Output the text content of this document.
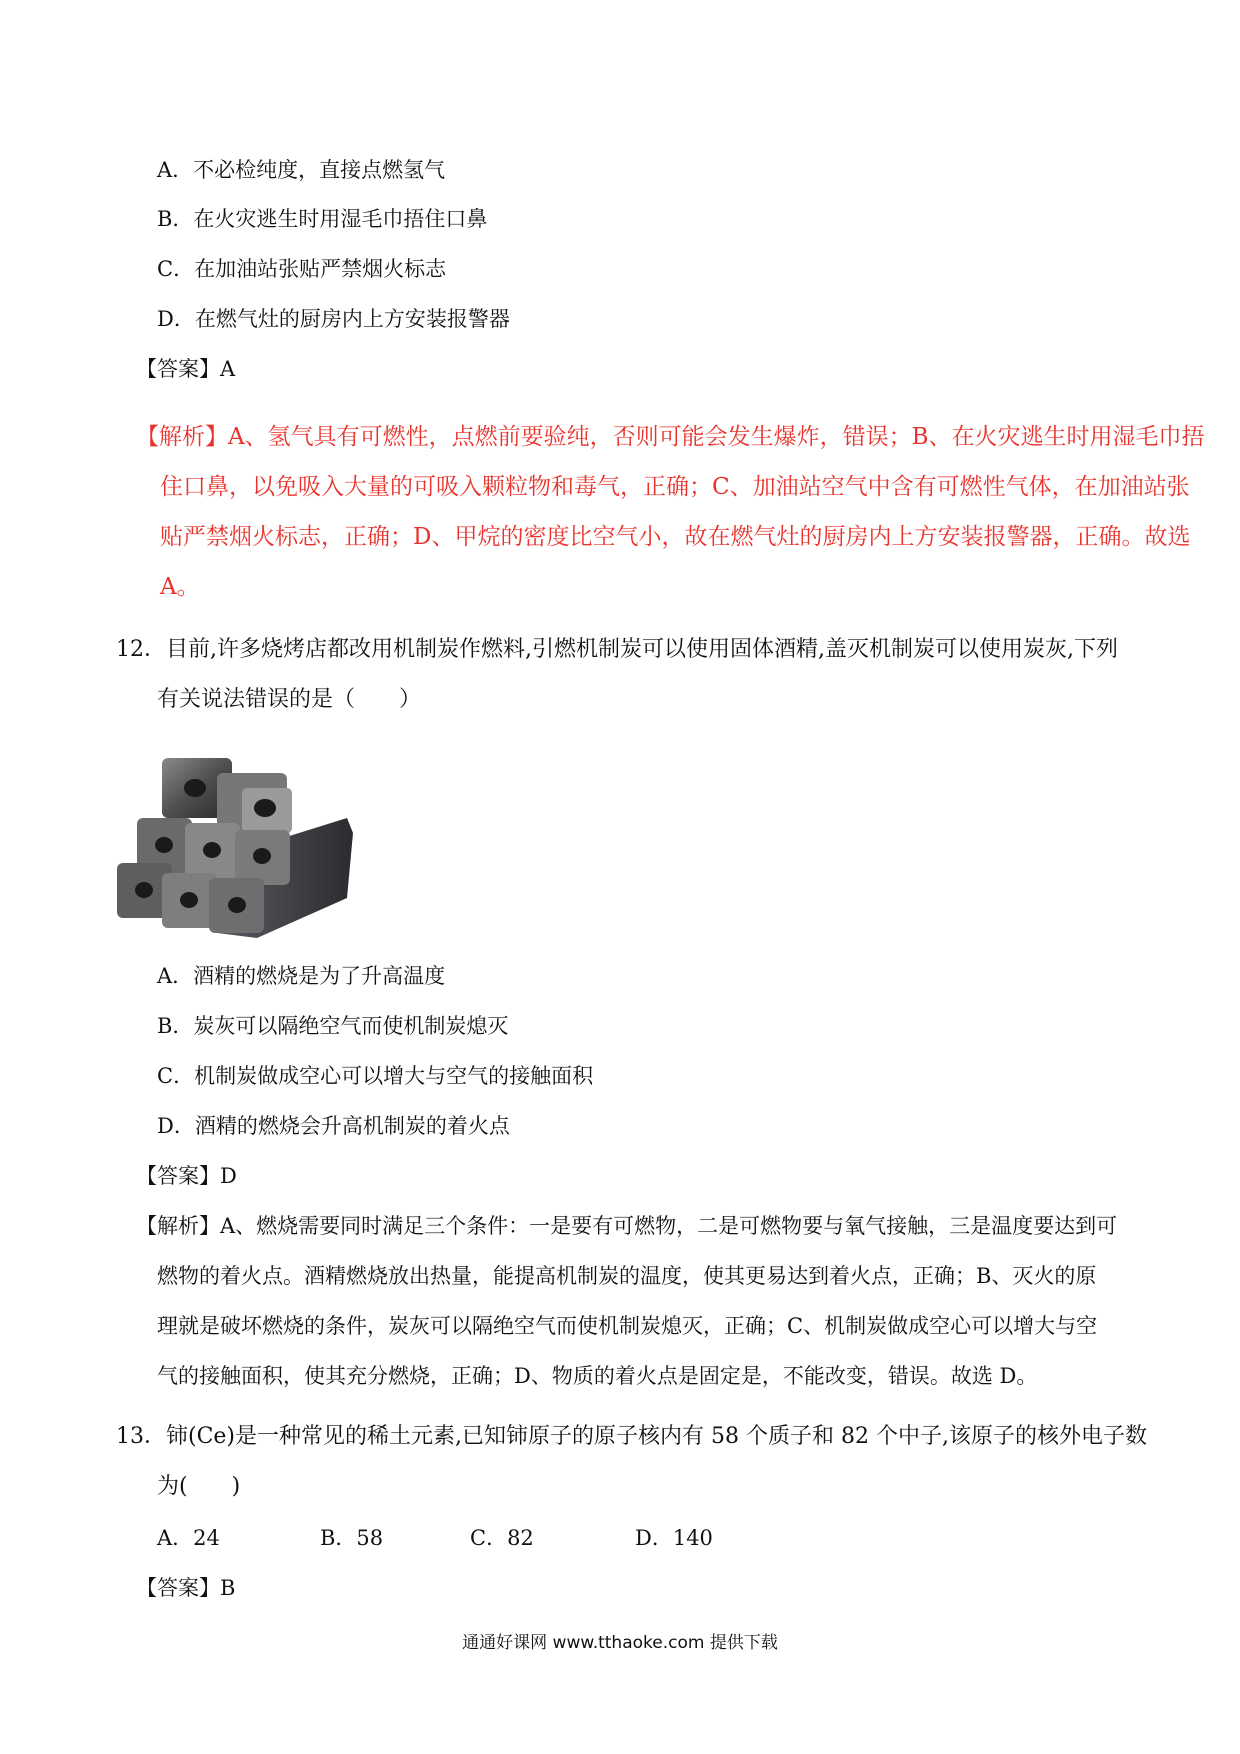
A．不必检纯度，直接点燃氢气
B．在火灾逃生时用湿毛巾捂住口鼻
C．在加油站张贴严禁烟火标志
D．在燃气灶的厨房内上方安装报警器
【答案】A
【解析】A、氢气具有可燃性，点燃前要验纯，否则可能会发生爆炸，错误；B、在火灾逃生时用湿毛巾捂
住口鼻，以免吸入大量的可吸入颗粒物和毒气，正确；C、加油站空气中含有可燃性气体，在加油站张
贴严禁烟火标志，正确；D、甲烷的密度比空气小，故在燃气灶的厨房内上方安装报警器，正确。故选
A。
12．目前,许多烧烤店都改用机制炭作燃料,引燃机制炭可以使用固体酒精,盖灭机制炭可以使用炭灰,下列
有关说法错误的是（　　）
A．酒精的燃烧是为了升高温度
B．炭灰可以隔绝空气而使机制炭熄灭
C．机制炭做成空心可以增大与空气的接触面积
D．酒精的燃烧会升高机制炭的着火点
【答案】D
【解析】A、燃烧需要同时满足三个条件：一是要有可燃物，二是可燃物要与氧气接触，三是温度要达到可
燃物的着火点。酒精燃烧放出热量，能提高机制炭的温度，使其更易达到着火点，正确；B、灭火的原
理就是破坏燃烧的条件，炭灰可以隔绝空气而使机制炭熄灭，正确；C、机制炭做成空心可以增大与空
气的接触面积，使其充分燃烧，正确；D、物质的着火点是固定是，不能改变，错误。故选 D。
13．铈(Ce)是一种常见的稀土元素,已知铈原子的原子核内有 58 个质子和 82 个中子,该原子的核外电子数
为(　　)
A．24	B．58	C．82	D．140
【答案】B
通通好课网 www.tthaoke.com 提供下载
